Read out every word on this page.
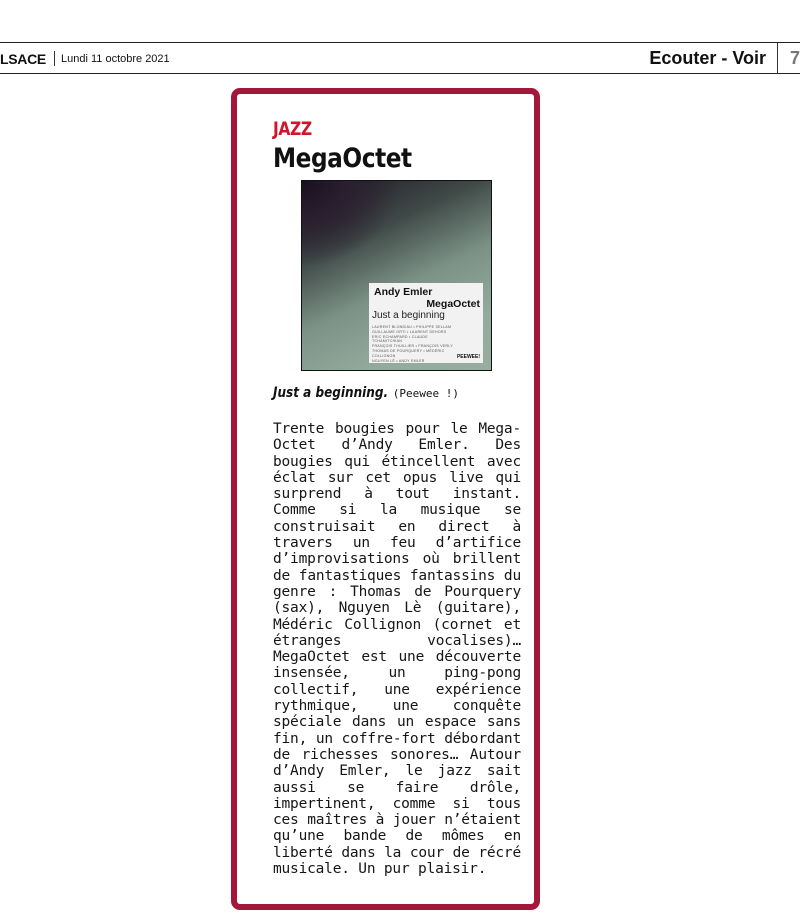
LSACE Lundi 11 octobre 2021	Ecouter - Voir 7
JAZZ
MegaOctet
Andy Emler
MegaOctet
Just a beginning
LAURENT BLONDIAU • PHILIPPE SELLAM
GUILLAUME ORTI • LAURENT DEHORS
ERIC ECHAMPARD • CLAUDE TCHAMITCHIAN
FRANÇOIS THUILLIER • FRANÇOIS VERLY
THOMAS DE POURQUERY • MÉDÉRIC COLLIGNON
NGUYEN LÊ • ANDY EMLER
PEEWEE!
Just a beginning. (Peewee !)
Trente bougies pour le Mega-Octet d’Andy Emler. Des bougies qui étincellent avec éclat sur cet opus live qui surprend à tout instant. Comme si la musique se construisait en direct à travers un feu d’artifice d’improvisations où brillent de fantastiques fantassins du genre : Thomas de Pourquery (sax), Nguyen Lè (guitare), Médéric Collignon (cornet et étranges vocalises)… MegaOctet est une découverte insensée, un ping-pong collectif, une expérience rythmique, une conquête spéciale dans un espace sans fin, un coffre-fort débordant de richesses sonores… Autour d’Andy Emler, le jazz sait aussi se faire drôle, impertinent, comme si tous ces maîtres à jouer n’étaient qu’une bande de mômes en liberté dans la cour de récré musicale. Un pur plaisir.
